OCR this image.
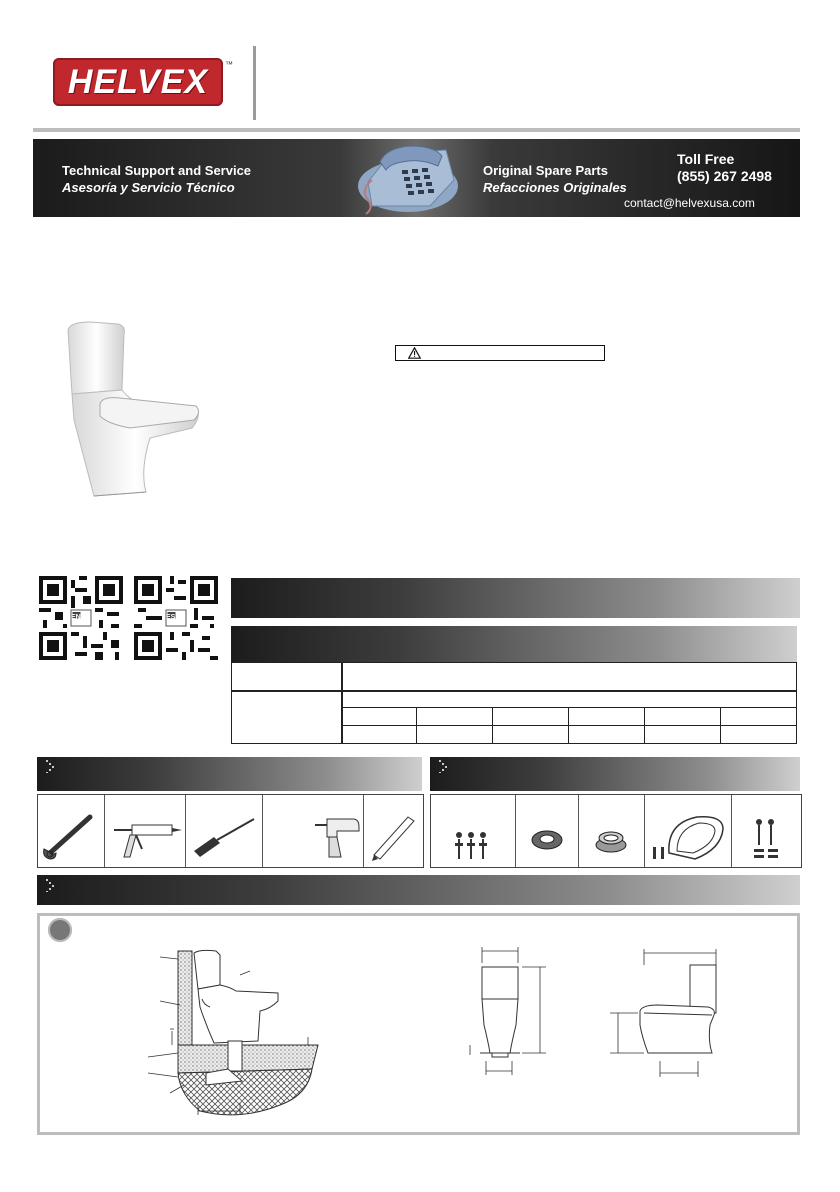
HELVEX ™
Technical Support and Service
Asesoría y Servicio Técnico
Original Spare Parts
Refacciones Originales
Toll Free
(855) 267 2498
contact@helvexusa.com
EN	ES
